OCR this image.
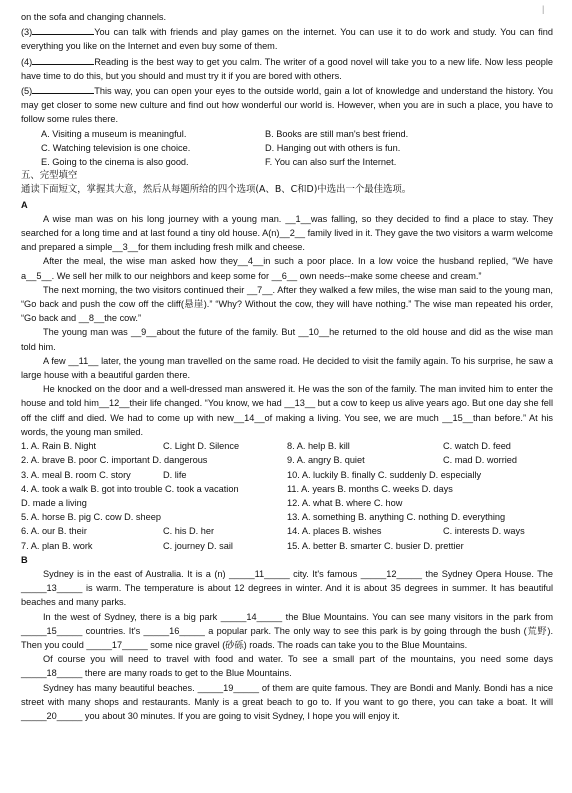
|

on the sofa and changing channels.

(3)	You can talk with friends and play games on the internet. You can use it to do work and study. You can find everything you like on the Internet and even buy some of them.

(4)	Reading is the best way to get you calm. The writer of a good novel will take you to a new life. Now less people have time to do this, but you should and must try it if you are bored with others.

(5)	This way, you can open your eyes to the outside world, gain a lot of knowledge and understand the history. You may get closer to some new culture and find out how wonderful our world is. However, when you are in such a place, you have to follow some rules there.

A. Visiting a museum is meaningful.	B. Books are still man's best friend.
C. Watching television is one choice.	D. Hanging out with others is fun.
E. Going to the cinema is also good.	F. You can also surf the Internet.

五、完型填空

通读下面短文，掌握其大意，然后从每题所给的四个选项(A、B、C和D)中选出一个最佳选项。

A

A wise man was on his long journey with a young man. __1__was falling, so they decided to find a place to stay. They searched for a long time and at last found a tiny old house. A(n)__2__ family lived in it. They gave the two visitors a warm welcome and prepared a simple__3__for them including fresh milk and cheese.

After the meal, the wise man asked how they__4__in such a poor place. In a low voice the husband replied, “We have a__5__. We sell her milk to our neighbors and keep some for __6__ own needs--make some cheese and cream.”

The next morning, the two visitors continued their __7__. After they walked a few miles, the wise man said to the young man, “Go back and push the cow off the cliff(悬崖).” “Why? Without the cow, they will have nothing.” The wise man repeated his order, “Go back and __8__the cow.”

The young man was __9__about the future of the family. But __10__he returned to the old house and did as the wise man told him.

A few __11__ later, the young man travelled on the same road. He decided to visit the family again. To his surprise, he saw a large house with a beautiful garden there.

He knocked on the door and a well-dressed man answered it. He was the son of the family. The man invited him to enter the house and told him__12__their life changed. “You know, we had __13__ but a cow to keep us alive years ago. But one day she fell off the cliff and died. We had to come up with new__14__of making a living. You see, we are much __15__than before.” At his words, the young man smiled.

1. A. Rain B. Night	C. Light D. Silence	8. A. help B. kill	C. watch D. feed
2. A. brave B. poor C. important D. dangerous	9. A. angry B. quiet	C. mad D. worried
3. A. meal B. room C. story	D. life	10. A. luckily B. finally C. suddenly D. especially
4. A. took a walk B. got into trouble C. took a vacation	11. A. years B. months C. weeks D. days
D. made a living	12. A. what B. where C. how
5. A. horse B. pig C. cow D. sheep	13. A. something B. anything C. nothing D. everything
6. A. our B. their	C. his D. her	14. A. places B. wishes	C. interests D. ways
7. A. plan B. work	C. journey D. sail	15. A. better B. smarter C. busier D. prettier

B

Sydney is in the east of Australia. It is a (n) _____11_____ city. It's famous _____12_____ the Sydney Opera House. The _____13_____ is warm. The temperature is about 12 degrees in winter. And it is about 35 degrees in summer. It has beautiful beaches and many parks.

In the west of Sydney, there is a big park _____14_____ the Blue Mountains. You can see many visitors in the park from _____15_____ countries. It's _____16_____ a popular park. The only way to see this park is by going through the bush (荒野). Then you could _____17_____ some nice gravel (砂砾) roads. The roads can take you to the Blue Mountains.

Of course you will need to travel with food and water. To see a small part of the mountains, you need some days _____18_____ there are many roads to get to the Blue Mountains.

Sydney has many beautiful beaches. _____19_____ of them are quite famous. They are Bondi and Manly. Bondi has a nice street with many shops and restaurants. Manly is a great beach to go to. If you want to go there, you can take a boat. It will _____20_____ you about 30 minutes. If you are going to visit Sydney, I hope you will enjoy it.
